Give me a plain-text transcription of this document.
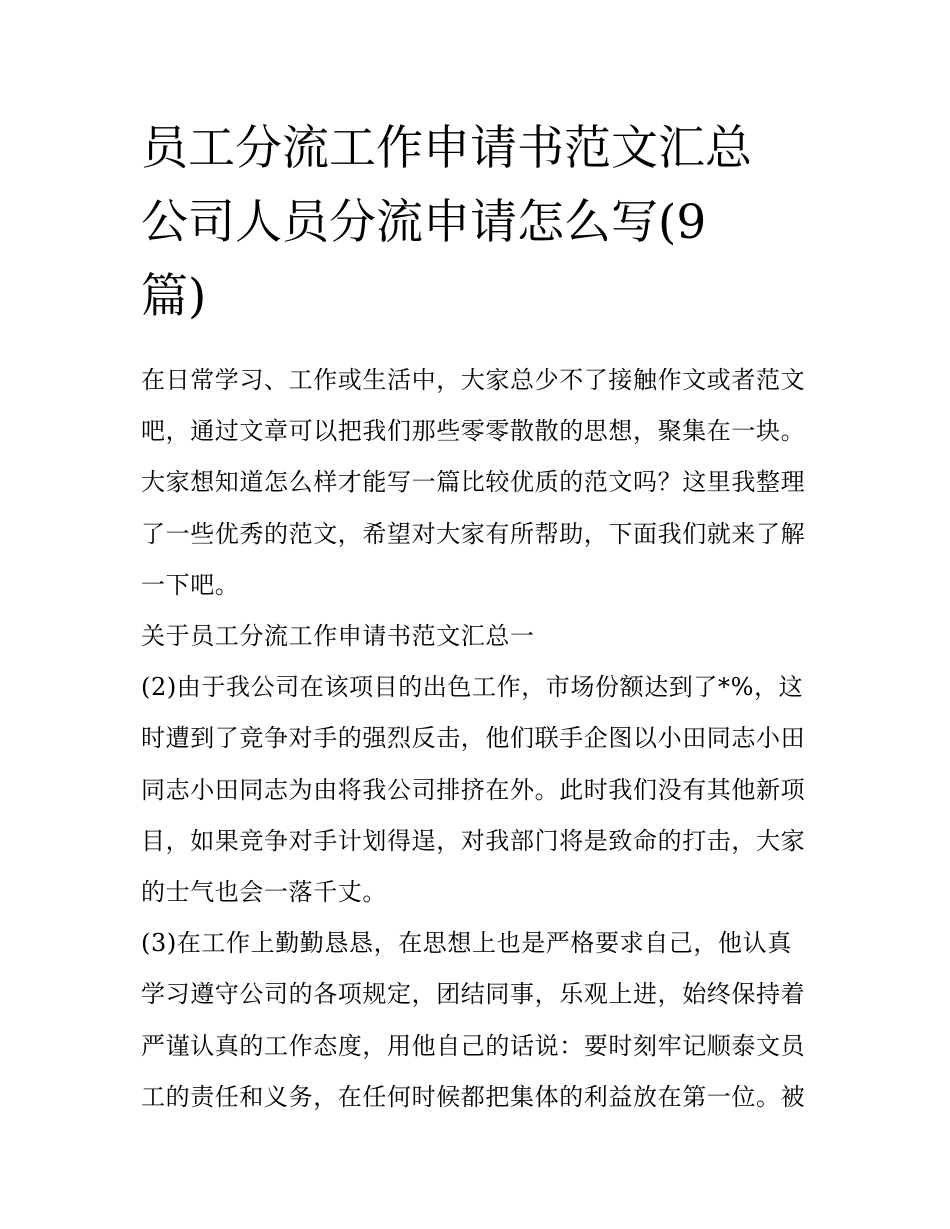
员工分流工作申请书范文汇总
公司人员分流申请怎么写(9
篇)
在日常学习、工作或生活中，大家总少不了接触作文或者范文
吧，通过文章可以把我们那些零零散散的思想，聚集在一块。
大家想知道怎么样才能写一篇比较优质的范文吗？这里我整理
了一些优秀的范文，希望对大家有所帮助，下面我们就来了解
一下吧。
关于员工分流工作申请书范文汇总一
(2)由于我公司在该项目的出色工作，市场份额达到了*%，这
时遭到了竞争对手的强烈反击，他们联手企图以小田同志小田
同志小田同志为由将我公司排挤在外。此时我们没有其他新项
目，如果竞争对手计划得逞，对我部门将是致命的打击，大家
的士气也会一落千丈。
(3)在工作上勤勤恳恳，在思想上也是严格要求自己，他认真
学习遵守公司的各项规定，团结同事，乐观上进，始终保持着
严谨认真的工作态度，用他自己的话说：要时刻牢记顺泰文员
工的责任和义务，在任何时候都把集体的利益放在第一位。被
